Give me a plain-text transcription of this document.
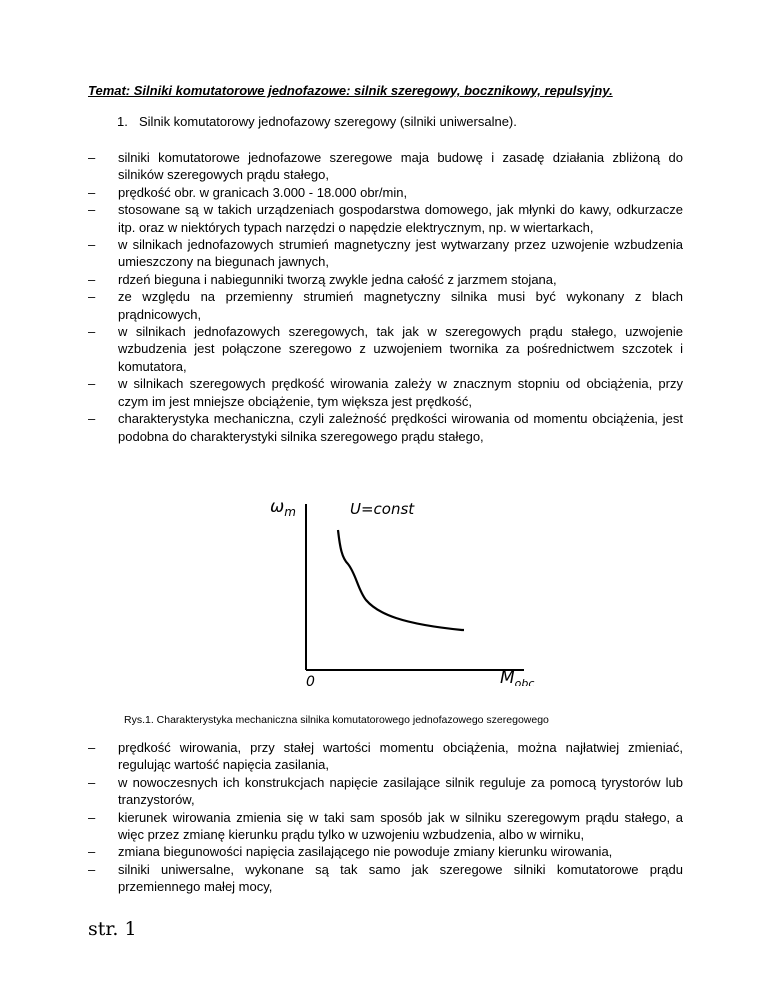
Temat: Silniki komutatorowe jednofazowe: silnik szeregowy, bocznikowy, repulsyjny.
1. Silnik komutatorowy jednofazowy szeregowy (silniki uniwersalne).
– silniki komutatorowe jednofazowe szeregowe maja budowę i zasadę działania zbliżoną do silników szeregowych prądu stałego,
– prędkość obr. w granicach 3.000 - 18.000 obr/min,
– stosowane są w takich urządzeniach gospodarstwa domowego, jak młynki do kawy, odkurzacze itp. oraz w niektórych typach narzędzi o napędzie elektrycznym, np. w wiertarkach,
– w silnikach jednofazowych strumień magnetyczny jest wytwarzany przez uzwojenie wzbudzenia umieszczony na biegunach jawnych,
– rdzeń bieguna i nabiegunniki tworzą zwykle jedna całość z jarzmem stojana,
– ze względu na przemienny strumień magnetyczny silnika musi być wykonany z blach prądnicowych,
– w silnikach jednofazowych szeregowych, tak jak w szeregowych prądu stałego, uzwojenie wzbudzenia jest połączone szeregowo z uzwojeniem twornika za pośrednictwem szczotek i komutatora,
– w silnikach szeregowych prędkość wirowania zależy w znacznym stopniu od obciążenia, przy czym im jest mniejsze obciążenie, tym większa jest prędkość,
– charakterystyka mechaniczna, czyli zależność prędkości wirowania od momentu obciążenia, jest podobna do charakterystyki silnika szeregowego prądu stałego,
$\omega_m$	U=const
0	$M_{obc}$
Rys.1. Charakterystyka mechaniczna silnika komutatorowego jednofazowego szeregowego
– prędkość wirowania, przy stałej wartości momentu obciążenia, można najłatwiej zmieniać, regulując wartość napięcia zasilania,
– w nowoczesnych ich konstrukcjach napięcie zasilające silnik reguluje za pomocą tyrystorów lub tranzystorów,
– kierunek wirowania zmienia się w taki sam sposób jak w silniku szeregowym prądu stałego, a więc przez zmianę kierunku prądu tylko w uzwojeniu wzbudzenia, albo w wirniku,
– zmiana biegunowości napięcia zasilającego nie powoduje zmiany kierunku wirowania,
– silniki uniwersalne, wykonane są tak samo jak szeregowe silniki komutatorowe prądu przemiennego małej mocy,
str. 1
